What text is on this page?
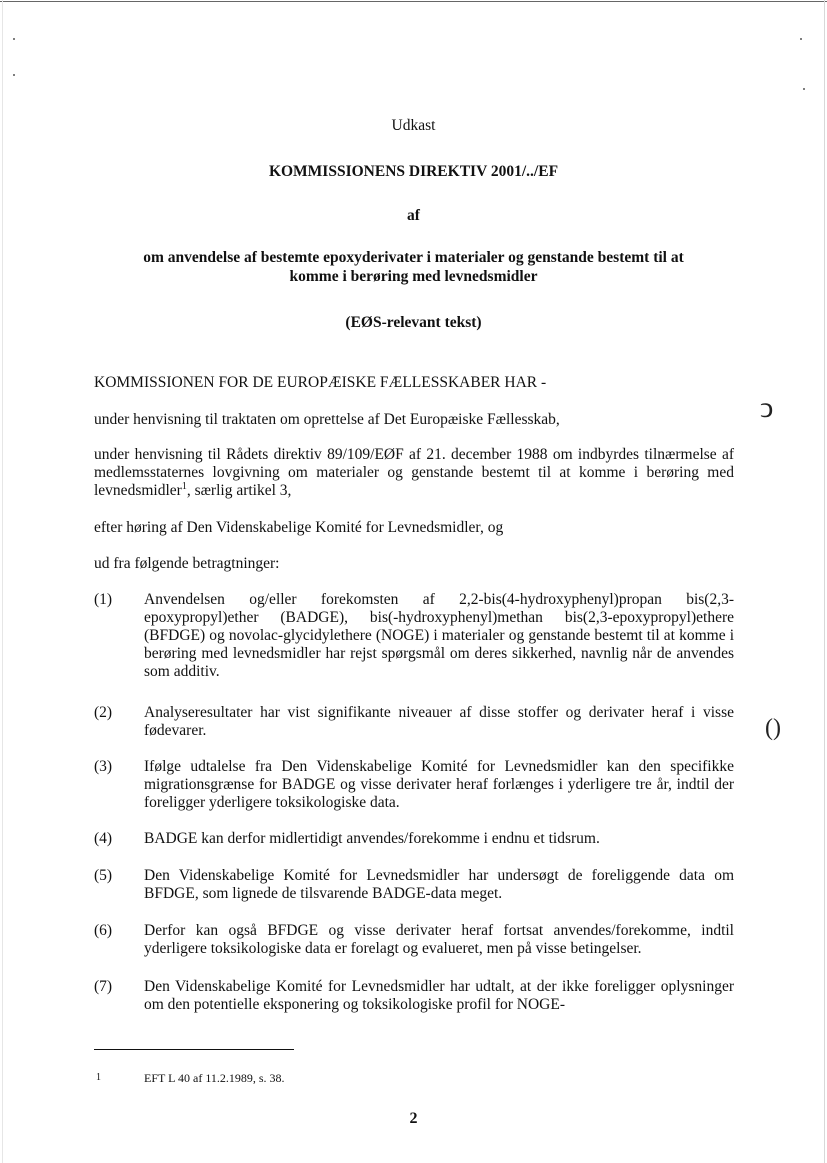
ↄ
()
Udkast
KOMMISSIONENS DIREKTIV 2001/../EF
af
om anvendelse af bestemte epoxyderivater i materialer og genstande bestemt til at
komme i berøring med levnedsmidler
(EØS-relevant tekst)
KOMMISSIONEN FOR DE EUROPÆISKE FÆLLESSKABER HAR -
under henvisning til traktaten om oprettelse af Det Europæiske Fællesskab,
under henvisning til Rådets direktiv 89/109/EØF af 21. december 1988 om indbyrdes tilnærmelse af medlemsstaternes lovgivning om materialer og genstande bestemt til at komme i berøring med levnedsmidler$^1$, særlig artikel 3,
efter høring af Den Videnskabelige Komité for Levnedsmidler, og
ud fra følgende betragtninger:
(1) Anvendelsen og/eller forekomsten af 2,2-bis(4-hydroxyphenyl)propan bis(2,3-epoxypropyl)ether (BADGE), bis(-hydroxyphenyl)methan bis(2,3-epoxypropyl)ethere (BFDGE) og novolac-glycidylethere (NOGE) i materialer og genstande bestemt til at komme i berøring med levnedsmidler har rejst spørgsmål om deres sikkerhed, navnlig når de anvendes som additiv.
(2) Analyseresultater har vist signifikante niveauer af disse stoffer og derivater heraf i visse fødevarer.
(3) Ifølge udtalelse fra Den Videnskabelige Komité for Levnedsmidler kan den specifikke migrationsgrænse for BADGE og visse derivater heraf forlænges i yderligere tre år, indtil der foreligger yderligere toksikologiske data.
(4) BADGE kan derfor midlertidigt anvendes/forekomme i endnu et tidsrum.
(5) Den Videnskabelige Komité for Levnedsmidler har undersøgt de foreliggende data om BFDGE, som lignede de tilsvarende BADGE-data meget.
(6) Derfor kan også BFDGE og visse derivater heraf fortsat anvendes/forekomme, indtil yderligere toksikologiske data er forelagt og evalueret, men på visse betingelser.
(7) Den Videnskabelige Komité for Levnedsmidler har udtalt, at der ikke foreligger oplysninger om den potentielle eksponering og toksikologiske profil for NOGE-
1	EFT L 40 af 11.2.1989, s. 38.
2
